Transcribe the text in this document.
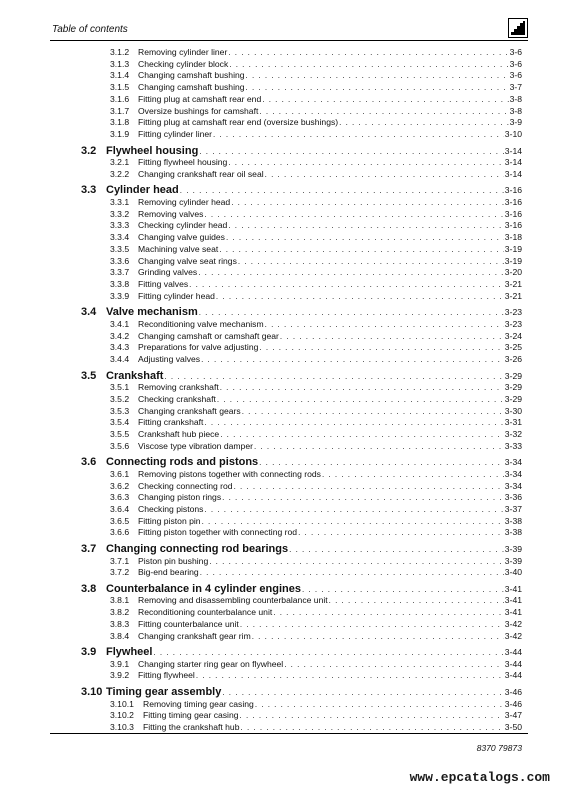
Table of contents
3.1.2	Removing cylinder liner . . .	3-6
3.1.3	Checking cylinder block . . .	3-6
3.1.4	Changing camshaft bushing . . .	3-6
3.1.5	Changing camshaft bushing . . .	3-7
3.1.6	Fitting plug at camshaft rear end . . .	3-8
3.1.7	Oversize bushings for camshaft . . .	3-8
3.1.8	Fitting plug at camshaft rear end (oversize bushings) . . .	3-9
3.1.9	Fitting cylinder liner . . .	3-10
3.2 Flywheel housing . . .	3-14
3.2.1	Fitting flywheel housing . . .	3-14
3.2.2	Changing crankshaft rear oil seal . . .	3-14
3.3 Cylinder head . . .	3-16
3.3.1	Removing cylinder head . . .	3-16
3.3.2	Removing valves . . .	3-16
3.3.3	Checking cylinder head . . .	3-16
3.3.4	Changing valve guides . . .	3-18
3.3.5	Machining valve seat . . .	3-19
3.3.6	Changing valve seat rings . . .	3-19
3.3.7	Grinding valves . . .	3-20
3.3.8	Fitting valves . . .	3-21
3.3.9	Fitting cylinder head . . .	3-21
3.4 Valve mechanism . . .	3-23
3.4.1	Reconditioning valve mechanism . . .	3-23
3.4.2	Changing camshaft or camshaft gear . . .	3-24
3.4.3	Preparations for valve adjusting . . .	3-25
3.4.4	Adjusting valves . . .	3-26
3.5 Crankshaft . . .	3-29
3.5.1	Removing crankshaft . . .	3-29
3.5.2	Checking crankshaft . . .	3-29
3.5.3	Changing crankshaft gears . . .	3-30
3.5.4	Fitting crankshaft . . .	3-31
3.5.5	Crankshaft hub piece . . .	3-32
3.5.6	Viscose type vibration damper . . .	3-33
3.6 Connecting rods and pistons . . .	3-34
3.6.1	Removing pistons together with connecting rods . . .	3-34
3.6.2	Checking connecting rod . . .	3-34
3.6.3	Changing piston rings . . .	3-36
3.6.4	Checking pistons . . .	3-37
3.6.5	Fitting piston pin . . .	3-38
3.6.6	Fitting piston together with connecting rod . . .	3-38
3.7 Changing connecting rod bearings . . .	3-39
3.7.1	Piston pin bushing . . .	3-39
3.7.2	Big-end bearing . . .	3-40
3.8 Counterbalance in 4 cylinder engines . . .	3-41
3.8.1	Removing and disassembling counterbalance unit . . .	3-41
3.8.2	Reconditioning counterbalance unit . . .	3-41
3.8.3	Fitting counterbalance unit . . .	3-42
3.8.4	Changing crankshaft gear rim . . .	3-42
3.9 Flywheel . . .	3-44
3.9.1	Changing starter ring gear on flywheel . . .	3-44
3.9.2	Fitting flywheel . . .	3-44
3.10 Timing gear assembly . . .	3-46
3.10.1	Removing timing gear casing . . .	3-46
3.10.2	Fitting timing gear casing . . .	3-47
3.10.3	Fitting the crankshaft hub . . .	3-50
8370 79873
www.epcatalogs.com
